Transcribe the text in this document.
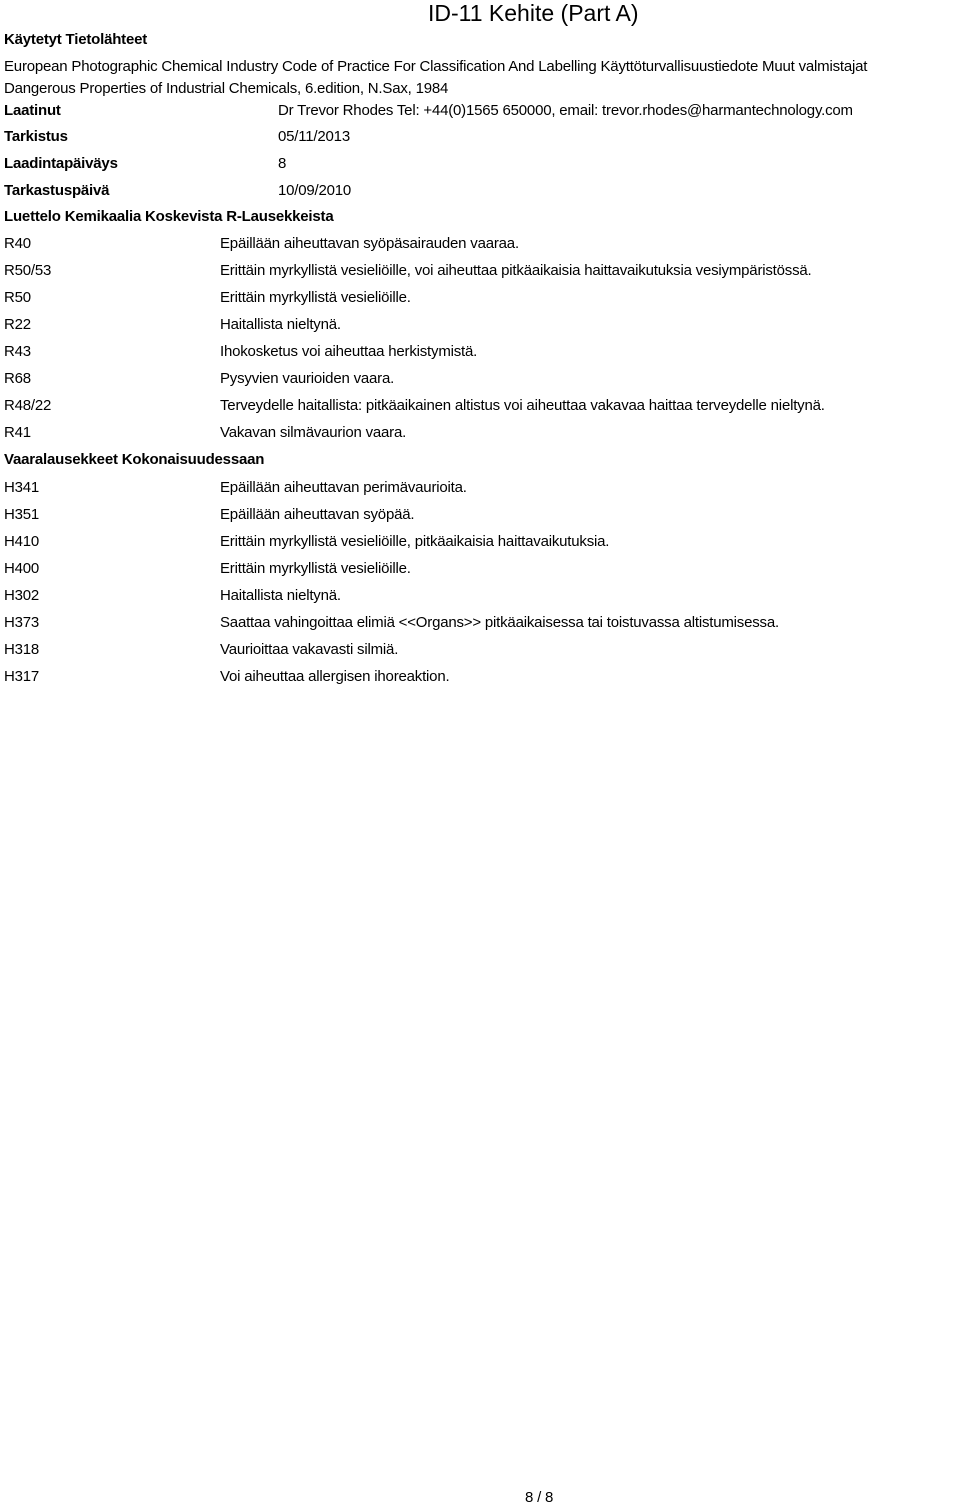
ID-11 Kehite (Part A)
Käytetyt Tietolähteet
European Photographic Chemical Industry Code of Practice For Classification And Labelling Käyttöturvallisuustiedote Muut valmistajat
Dangerous Properties of Industrial Chemicals, 6.edition, N.Sax, 1984
Laatinut	Dr Trevor Rhodes Tel: +44(0)1565 650000, email: trevor.rhodes@harmantechnology.com
Tarkistus	05/11/2013
Laadintapäiväys	8
Tarkastuspäivä	10/09/2010
Luettelo Kemikaalia Koskevista R-Lausekkeista
R40	Epäillään aiheuttavan syöpäsairauden vaaraa.
R50/53	Erittäin myrkyllistä vesieliöille, voi aiheuttaa pitkäaikaisia haittavaikutuksia vesiympäristössä.
R50	Erittäin myrkyllistä vesieliöille.
R22	Haitallista nieltynä.
R43	Ihokosketus voi aiheuttaa herkistymistä.
R68	Pysyvien vaurioiden vaara.
R48/22	Terveydelle haitallista: pitkäaikainen altistus voi aiheuttaa vakavaa haittaa terveydelle nieltynä.
R41	Vakavan silmävaurion vaara.
Vaaralausekkeet Kokonaisuudessaan
H341	Epäillään aiheuttavan perimävaurioita.
H351	Epäillään aiheuttavan syöpää.
H410	Erittäin myrkyllistä vesieliöille, pitkäaikaisia haittavaikutuksia.
H400	Erittäin myrkyllistä vesieliöille.
H302	Haitallista nieltynä.
H373	Saattaa vahingoittaa elimiä <<Organs>> pitkäaikaisessa tai toistuvassa altistumisessa.
H318	Vaurioittaa vakavasti silmiä.
H317	Voi aiheuttaa allergisen ihoreaktion.
8 / 8
